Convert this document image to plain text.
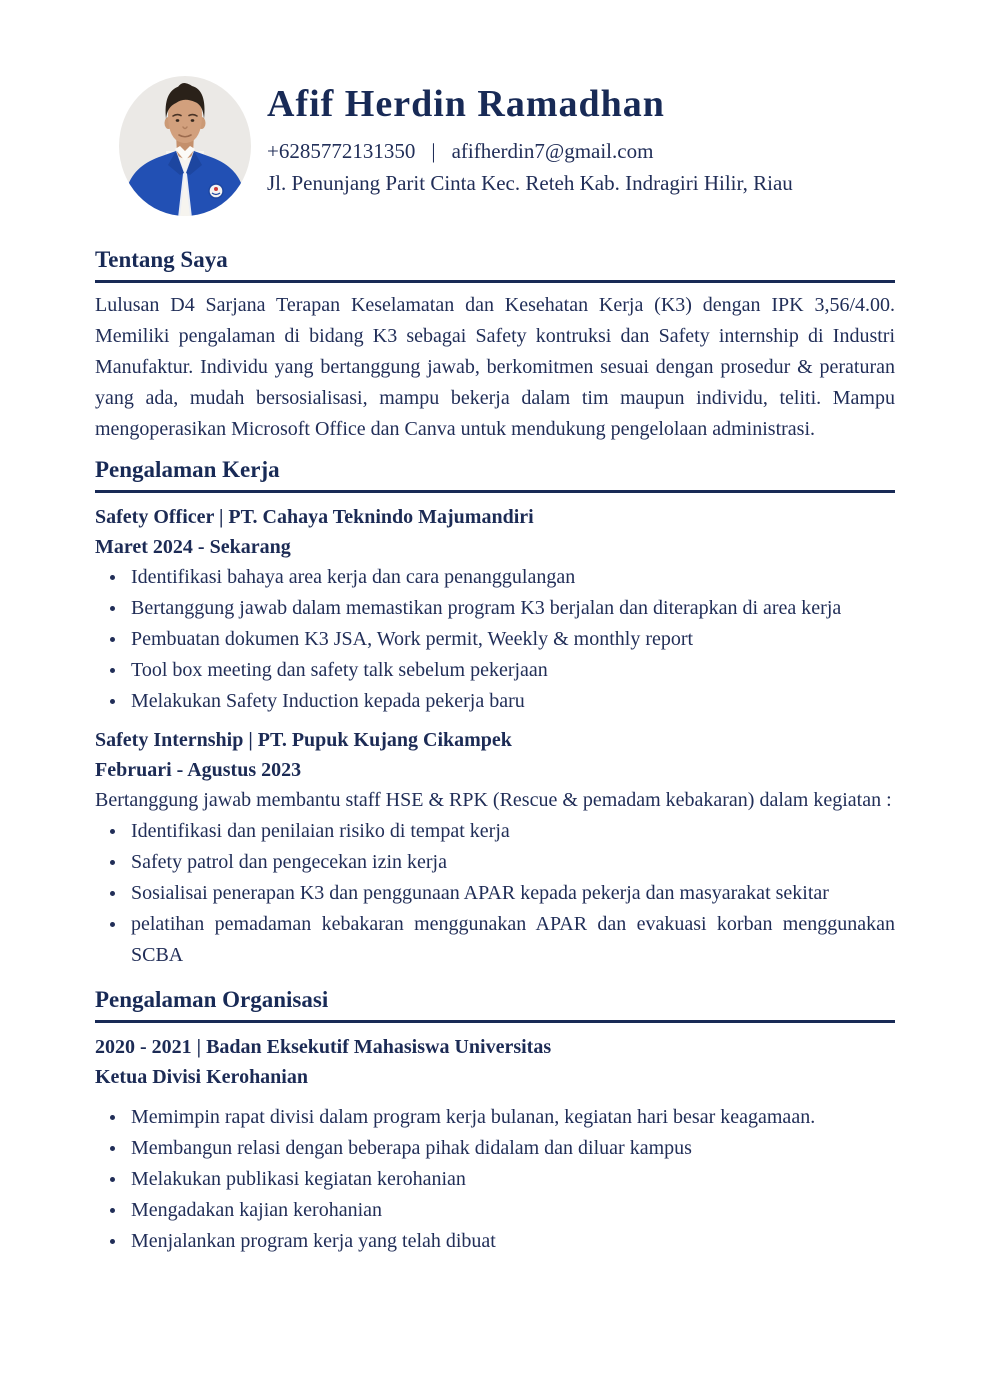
Afif Herdin Ramadhan
+6285772131350 | afifherdin7@gmail.com
Jl. Penunjang Parit Cinta Kec. Reteh Kab. Indragiri Hilir, Riau
Tentang Saya

Lulusan D4 Sarjana Terapan Keselamatan dan Kesehatan Kerja (K3) dengan IPK 3,56/4.00. Memiliki pengalaman di bidang K3 sebagai Safety kontruksi dan Safety internship di Industri Manufaktur. Individu yang bertanggung jawab, berkomitmen sesuai dengan prosedur & peraturan yang ada, mudah bersosialisasi, mampu bekerja dalam tim maupun individu, teliti. Mampu mengoperasikan Microsoft Office dan Canva untuk mendukung pengelolaan administrasi.

Pengalaman Kerja
Safety Officer | PT. Cahaya Teknindo Majumandiri
Maret 2024 - Sekarang
Identifikasi bahaya area kerja dan cara penanggulangan
Bertanggung jawab dalam memastikan program K3 berjalan dan diterapkan di area kerja
Pembuatan dokumen K3 JSA, Work permit, Weekly & monthly report
Tool box meeting dan safety talk sebelum pekerjaan
Melakukan Safety Induction kepada pekerja baru
Safety Internship | PT. Pupuk Kujang Cikampek
Februari - Agustus 2023

Bertanggung jawab membantu staff HSE & RPK (Rescue & pemadam kebakaran) dalam kegiatan :

Identifikasi dan penilaian risiko di tempat kerja
Safety patrol dan pengecekan izin kerja
Sosialisai penerapan K3 dan penggunaan APAR kepada pekerja dan masyarakat sekitar
pelatihan pemadaman kebakaran menggunakan APAR dan evakuasi korban menggunakan SCBA
Pengalaman Organisasi
2020 - 2021 | Badan Eksekutif Mahasiswa Universitas
Ketua Divisi Kerohanian
Memimpin rapat divisi dalam program kerja bulanan, kegiatan hari besar keagamaan.
Membangun relasi dengan beberapa pihak didalam dan diluar kampus
Melakukan publikasi kegiatan kerohanian
Mengadakan kajian kerohanian
Menjalankan program kerja yang telah dibuat
